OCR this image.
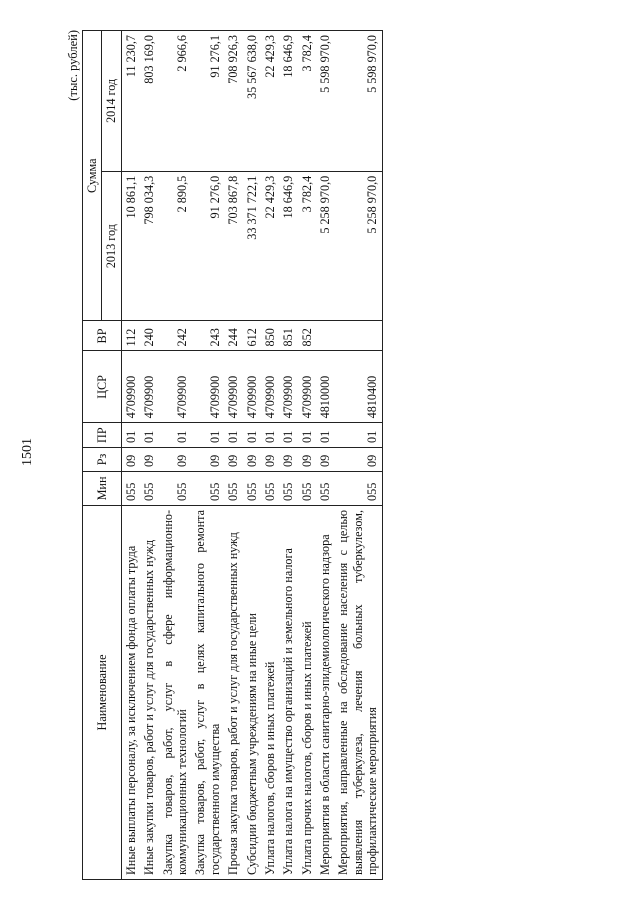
1501
(тыс. рублей)
Наименование	Мин	Рз	ПР	ЦСР	ВР	Сумма	
						2013 год	2014 год
Иные выплаты персоналу, за исключением фонда оплаты труда	055	09	01	4709900	112	10 861,1	11 230,7
Иные закупки товаров, работ и услуг для государственных нужд	055	09	01	4709900	240	798 034,3	803 169,0
Закупка товаров, работ, услуг в сфере информационно-коммуникационных технологий	055	09	01	4709900	242	2 890,5	2 966,6
Закупка товаров, работ, услуг в целях капитального ремонта государственного имущества	055	09	01	4709900	243	91 276,0	91 276,1
Прочая закупка товаров, работ и услуг для государственных нужд	055	09	01	4709900	244	703 867,8	708 926,3
Субсидии бюджетным учреждениям на иные цели	055	09	01	4709900	612	33 371 722,1	35 567 638,0
Уплата налогов, сборов и иных платежей	055	09	01	4709900	850	22 429,3	22 429,3
Уплата налога на имущество организаций и земельного налога	055	09	01	4709900	851	18 646,9	18 646,9
Уплата прочих налогов, сборов и иных платежей	055	09	01	4709900	852	3 782,4	3 782,4
Мероприятия в области санитарно-эпидемиологического надзора	055	09	01	4810000		5 258 970,0	5 598 970,0
Мероприятия, направленные на обследование населения с целью выявления туберкулеза, лечения больных туберкулезом, профилактические мероприятия	055	09	01	4810400		5 258 970,0	5 598 970,0
